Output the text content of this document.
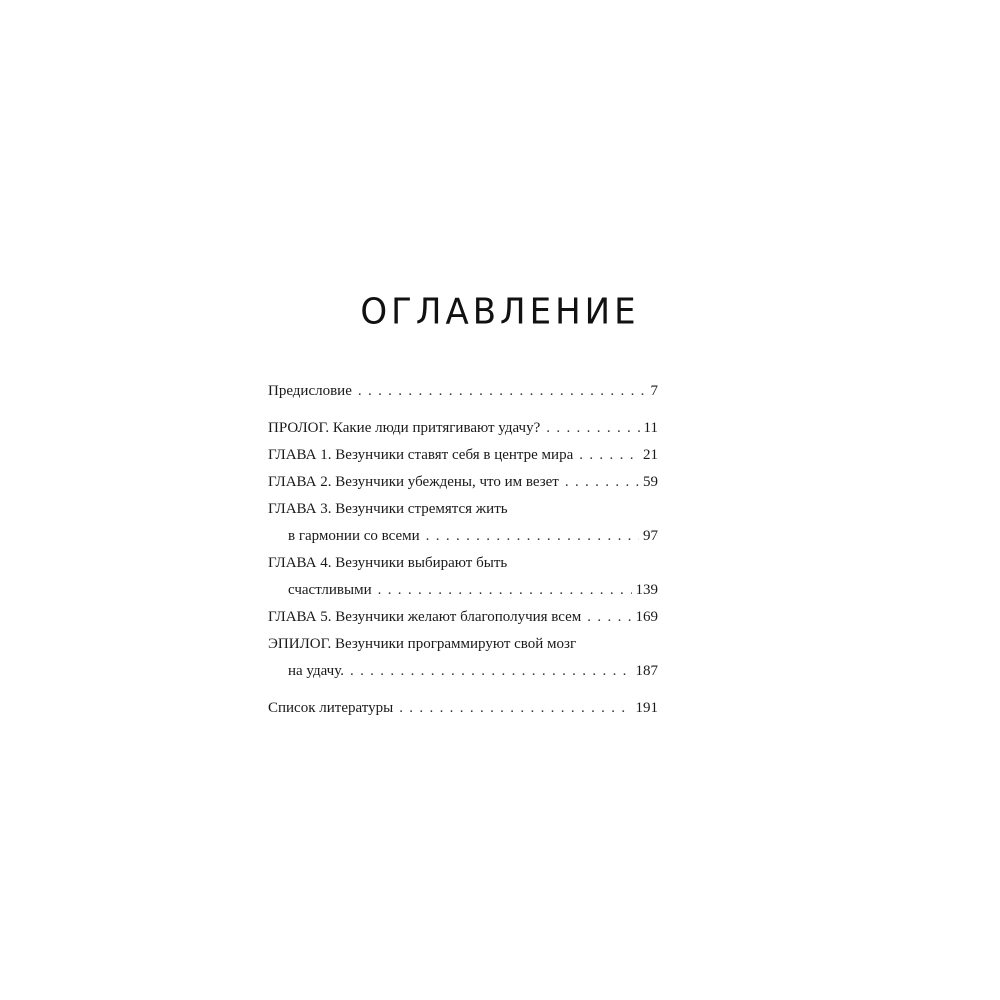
ОГЛАВЛЕНИЕ
Предисловие . . .	7
ПРОЛОГ. Какие люди притягивают удачу? . . .	11
ГЛАВА 1. Везунчики ставят себя в центре мира . . .	21
ГЛАВА 2. Везунчики убеждены, что им везет . . .	59
ГЛАВА 3. Везунчики стремятся жить
в гармонии со всеми . . .	97
ГЛАВА 4. Везунчики выбирают быть
счастливыми . . .	139
ГЛАВА 5. Везунчики желают благополучия всем . . .	169
ЭПИЛОГ. Везунчики программируют свой мозг
на удачу. . . .	187
Список литературы . . .	191
